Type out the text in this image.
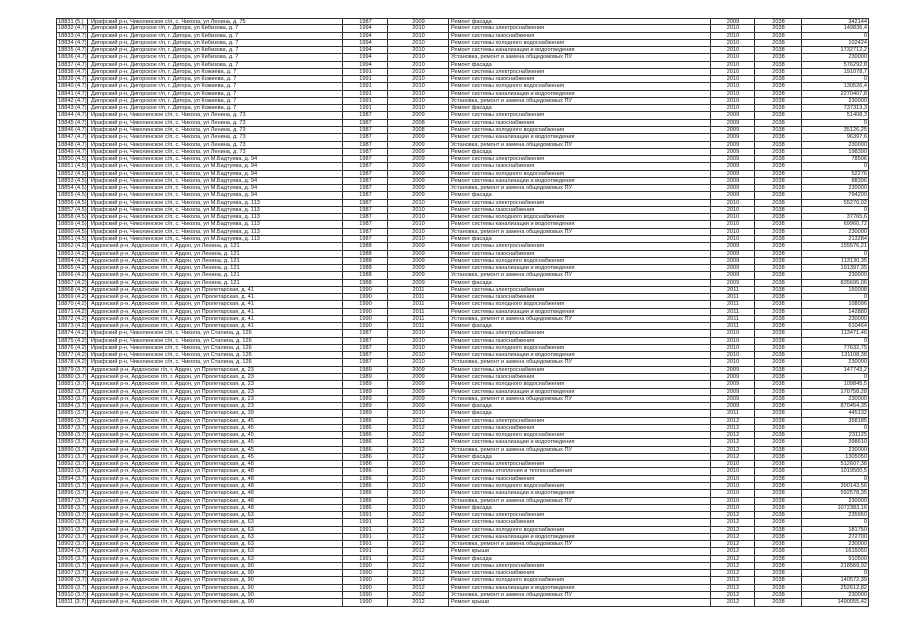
18831 (5.)	Ирафский р-н, Чиколинское с/п, с. Чикола, ул Ленина, д. 75	1987	2009	Ремонт фасада	2009	2038	342144
18832 (4.7) Дигорский р-н, Дигорское г/п, г. Дигора, ул Кибизова, д. 7	1994	2010	Ремонт системы электроснабжения	2010	2038	149836,4
18833 (4.7) Дигорский р-н, Дигорское г/п, г. Дигора, ул Кибизова, д. 7	1994	2010	Ремонт системы газоснабжения	2010	2038	0
18834 (4.7) Дигорский р-н, Дигорское г/п, г. Дигора, ул Кибизова, д. 7	1994	2010	Ремонт системы холодного водоснабжения	2010	2038	102424
18835 (4.7) Дигорский р-н, Дигорское г/п, г. Дигора, ул Кибизова, д. 7	1994	2010	Ремонт системы канализации и водоотведения	2010	2038	1732712,2
18836 (4.7) Дигорский р-н, Дигорское г/п, г. Дигора, ул Кибизова, д. 7	1994	2010	Установка, ремонт и замена общедомовых ПУ	2010	2038	230000
18837 (4.7) Дигорский р-н, Дигорское г/п, г. Дигора, ул Кибизова, д. 7	1994	2010	Ремонт фасада	2010	2038	576292,8
18838 (4.7) Дигорский р-н, Дигорское г/п, г. Дигора, ул Кожиева, д. 7	1991	2010	Ремонт системы электроснабжения	2010	2038	191078,7
18839 (4.7) Дигорский р-н, Дигорское г/п, г. Дигора, ул Кожиева, д. 7	1991	2010	Ремонт системы газоснабжения	2010	2038	0
18840 (4.7) Дигорский р-н, Дигорское г/п, г. Дигора, ул Кожиева, д. 7	1991	2010	Ремонт системы холодного водоснабжения	2010	2038	130526,4
18841 (4.7) Дигорский р-н, Дигорское г/п, г. Дигора, ул Кожиева, д. 7	1991	2010	Ремонт системы канализации и водоотведения	2010	2038	2270407,8
18842 (4.7) Дигорский р-н, Дигорское г/п, г. Дигора, ул Кожиева, д. 7	1991	2010	Установка, ремонт и замена общедомовых ПУ	2010	2038	230000
18843 (4.7) Дигорский р-н, Дигорское г/п, г. Дигора, ул Кожиева, д. 7	1991	2010	Ремонт фасада	2010	2038	737313,3
18844 (4.7) Ирафский р-н, Чиколинское с/п, с. Чикола, ул Ленина, д. 73	1987	2009	Ремонт системы электроснабжения	2009	2038	51408,3
18845 (4.7) Ирафский р-н, Чиколинское с/п, с. Чикола, ул Ленина, д. 73	1987	2008	Ремонт системы газоснабжения	2009	2038	0
18846 (4.7) Ирафский р-н, Чиколинское с/п, с. Чикола, ул Ленина, д. 73	1987	2008	Ремонт системы холодного водоснабжения	2009	2038	35126,25
18847 (4.7) Ирафский р-н, Чиколинское с/п, с. Чикола, ул Ленина, д. 73	1987	2009	Ремонт системы канализации и водоотведения	2009	2038	96397,6
18848 (4.7) Ирафский р-н, Чиколинское с/п, с. Чикола, ул Ленина, д. 73	1987	2009	Установка, ремонт и замена общедомовых ПУ	2009	2038	230000
18849 (4.7) Ирафский р-н, Чиколинское с/п, с. Чикола, ул Ленина, д. 73	1987	2009	Ремонт фасада	2009	2038	198390
18850 (4.5) Ирафский р-н, Чиколинское с/п, с. Чикола, ул М.Бадтуева, д. 94	1987	2009	Ремонт системы электроснабжения	2009	2038	78506
18851 (4.5) Ирафский р-н, Чиколинское с/п, с. Чикола, ул М.Бадтуева, д. 94	1987	2009	Ремонт системы газоснабжения	2009	2038	0
18852 (4.5) Ирафский р-н, Чиколинское с/п, с. Чикола, ул М.Бадтуева, д. 94	1987	2009	Ремонт системы холодного водоснабжения	2009	2038	52276
18853 (4.5) Ирафский р-н, Чиколинское с/п, с. Чикола, ул М.Бадтуева, д. 94	1987	2009	Ремонт системы канализации и водоотведения	2009	2038	88396
18854 (4.5) Ирафский р-н, Чиколинское с/п, с. Чикола, ул М.Бадтуева, д. 94	1987	2009	Установка, ремонт и замена общедомовых ПУ	2009	2038	230000
18855 (4.5) Ирафский р-н, Чиколинское с/п, с. Чикола, ул М.Бадтуева, д. 94	1987	2009	Ремонт фасада	2009	2038	794200
18856 (4.5) Ирафский р-н, Чиколинское с/п, с. Чикола, ул М.Бадтуева, д. 113	1987	2010	Ремонт системы электроснабжения	2010	2038	55270,92
18857 (4.5) Ирафский р-н, Чиколинское с/п, с. Чикола, ул М.Бадтуева, д. 113	1987	2010	Ремонт системы газоснабжения	2010	2038	0
18858 (4.5) Ирафский р-н, Чиколинское с/п, с. Чикола, ул М.Бадтуева, д. 113	1987	2010	Ремонт системы холодного водоснабжения	2010	2038	37765,6
18859 (4.5) Ирафский р-н, Чиколинское с/п, с. Чикола, ул М.Бадтуева, д. 113	1987	2010	Ремонт системы канализации и водоотведения	2010	2038	69960,72
18860 (4.5) Ирафский р-н, Чиколинское с/п, с. Чикола, ул М.Бадтуева, д. 113	1987	2010	Установка, ремонт и замена общедомовых ПУ	2010	2038	230000
18861 (4.5) Ирафский р-н, Чиколинское с/п, с. Чикола, ул М.Бадтуева, д. 113	1987	2010	Ремонт фасада	2010	2038	213284
18862 (4.2) Ардонский р-н, Ардонское г/п, г. Ардон, ул Ленина, д. 121	1988	2009	Ремонт системы электроснабжения	2009	2038	155576,21
18863 (4.2) Ардонский р-н, Ардонское г/п, г. Ардон, ул Ленина, д. 121	1988	2009	Ремонт системы газоснабжения	2009	2038	0
18864 (4.2) Ардонский р-н, Ардонское г/п, г. Ардон, ул Ленина, д. 121	1988	2009	Ремонт системы холодного водоснабжения	2009	2038	113130,35
18865 (4.2) Ардонский р-н, Ардонское г/п, г. Ардон, ул Ленина, д. 121	1988	2009	Ремонт системы канализации и водоотведения	2009	2038	191397,35
18866 (4.2) Ардонский р-н, Ардонское г/п, г. Ардон, ул Ленина, д. 121	1988	2009	Установка, ремонт и замена общедомовых ПУ	2009	2038	230000
18867 (4.2) Ардонский р-н, Ардонское г/п, г. Ардон, ул Ленина, д. 121	1988	2009	Ремонт фасада	2009	2038	835695,06
18868 (4.2) Ардонский р-н, Ардонское г/п, г. Ардон, ул Пролетарская, д. 41	1990	2011	Ремонт системы электроснабжения	2011	2038	150008
18869 (4.2) Ардонский р-н, Ардонское г/п, г. Ардон, ул Пролетарская, д. 41	1990	2011	Ремонт системы газоснабжения	2011	2038	0
18870 (4.2) Ардонский р-н, Ардонское г/п, г. Ардон, ул Пролетарская, д. 41	1990	2011	Ремонт системы холодного водоснабжения	2011	2038	108096
18871 (4.2) Ардонский р-н, Ардонское г/п, г. Ардон, ул Пролетарская, д. 41	1990	2011	Ремонт системы канализации и водоотведения	2011	2038	142880
18872 (4.2) Ардонский р-н, Ардонское г/п, г. Ардон, ул Пролетарская, д. 41	1990	2011	Установка, ремонт и замена общедомовых ПУ	2011	2038	230000
18873 (4.2) Ардонский р-н, Ардонское г/п, г. Ардон, ул Пролетарская, д. 41	1990	2011	Ремонт фасада	2011	2038	610464
18874 (4.2) Ирафский р-н, Чиколинское с/п, с. Чикола, ул Сталина, д. 126	1987	2010	Ремонт системы электроснабжения	2010	2038	113471,46
18875 (4.2) Ирафский р-н, Чиколинское с/п, с. Чикола, ул Сталина, д. 126	1987	2010	Ремонт системы газоснабжения	2010	2038	0
18876 (4.2) Ирафский р-н, Чиколинское с/п, с. Чикола, ул Сталина, д. 126	1987	2010	Ремонт системы холодного водоснабжения	2010	2038	77632,75
18877 (4.2) Ирафский р-н, Чиколинское с/п, с. Чикола, ул Сталина, д. 126	1987	2010	Ремонт системы канализации и водоотведения	2010	2038	131108,38
18878 (4.2) Ирафский р-н, Чиколинское с/п, с. Чикола, ул Сталина, д. 126	1987	2010	Установка, ремонт и замена общедомовых ПУ	2010	2038	230000
18879 (3.7) Ардонский р-н, Ардонское г/п, г. Ардон, ул Пролетарская, д. 23	1989	2009	Ремонт системы электроснабжения	2009	2038	147743,2
18880 (3.7) Ардонский р-н, Ардонское г/п, г. Ардон, ул Пролетарская, д. 23	1989	2009	Ремонт системы газоснабжения	2009	2038	0
18881 (3.7) Ардонский р-н, Ардонское г/п, г. Ардон, ул Пролетарская, д. 23	1989	2009	Ремонт системы холодного водоснабжения	2009	2038	109845,5
18882 (3.7) Ардонский р-н, Ардонское г/п, г. Ардон, ул Пролетарская, д. 23	1989	2009	Ремонт системы канализации и водоотведения	2009	2038	170758,28
18883 (3.7) Ардонский р-н, Ардонское г/п, г. Ардон, ул Пролетарская, д. 23	1989	2009	Установка, ремонт и замена общедомовых ПУ	2009	2038	230000
18884 (3.7) Ардонский р-н, Ардонское г/п, г. Ардон, ул Пролетарская, д. 23	1989	2009	Ремонт фасада	2009	2038	870454,35
18885 (3.7) Ардонский р-н, Ардонское г/п, г. Ардон, ул Пролетарская, д. 39	1989	2010	Ремонт фасада	2011	2038	445132
18886 (3.7) Ардонский р-н, Ардонское г/п, г. Ардон, ул Пролетарская, д. 45	1986	2012	Ремонт системы электроснабжения	2012	2038	358185
18887 (3.7) Ардонский р-н, Ардонское г/п, г. Ардон, ул Пролетарская, д. 45	1986	2012	Ремонт системы газоснабжения	2012	2038	0
18888 (3.7) Ардонский р-н, Ардонское г/п, г. Ардон, ул Пролетарская, д. 45	1986	2012	Ремонт системы холодного водоснабжения	2012	2038	231125
18889 (3.7) Ардонский р-н, Ардонское г/п, г. Ардон, ул Пролетарская, д. 45	1986	2012	Ремонт системы канализации и водоотведения	2012	2038	398610
18890 (3.7) Ардонский р-н, Ардонское г/п, г. Ардон, ул Пролетарская, д. 45	1986	2012	Установка, ремонт и замена общедомовых ПУ	2012	2038	230000
18891 (3.7) Ардонский р-н, Ардонское г/п, г. Ардон, ул Пролетарская, д. 45	1986	2012	Ремонт фасада	2012	2038	1305050
18892 (3.7) Ардонский р-н, Ардонское г/п, г. Ардон, ул Пролетарская, д. 48	1986	2010	Ремонт системы электроснабжения	2010	2038	512607,38
18893 (3.7) Ардонский р-н, Ардонское г/п, г. Ардон, ул Пролетарская, д. 48	1986	2010	Ремонт системы отопления и теплоснабжения	2010	2038	1019500,5
18894 (3.7) Ардонский р-н, Ардонское г/п, г. Ардон, ул Пролетарская, д. 48	1986	2010	Ремонт системы газоснабжения	2010	2038	0
18895 (3.7) Ардонский р-н, Ардонское г/п, г. Ардон, ул Пролетарская, д. 48	1986	2010	Ремонт системы холодного водоснабжения	2010	2038	390143,56
18896 (3.7) Ардонский р-н, Ардонское г/п, г. Ардон, ул Пролетарская, д. 48	1986	2010	Ремонт системы канализации и водоотведения	2010	2038	592578,35
18897 (3.7) Ардонский р-н, Ардонское г/п, г. Ардон, ул Пролетарская, д. 48	1986	2010	Установка, ремонт и замена общедомовых ПУ	2010	2038	230000
18898 (3.7) Ардонский р-н, Ардонское г/п, г. Ардон, ул Пролетарская, д. 48	1986	2010	Ремонт фасада	2010	2038	1072383,16
18899 (3.7) Ардонский р-н, Ардонское г/п, г. Ардон, ул Пролетарская, д. 63	1991	2012	Ремонт системы электроснабжения	2012	2038	235950
18900 (3.7) Ардонский р-н, Ардонское г/п, г. Ардон, ул Пролетарская, д. 63	1991	2012	Ремонт системы газоснабжения	2012	2038	0
18901 (3.7) Ардонский р-н, Ардонское г/п, г. Ардон, ул Пролетарская, д. 63	1991	2012	Ремонт системы холодного водоснабжения	2012	2038	181750
18902 (3.7) Ардонский р-н, Ардонское г/п, г. Ардон, ул Пролетарская, д. 63	1991	2012	Ремонт системы канализации и водоотведения	2012	2038	272700
18903 (3.7) Ардонский р-н, Ардонское г/п, г. Ардон, ул Пролетарская, д. 63	1991	2012	Установка, ремонт и замена общедомовых ПУ	2012	2038	230000
18904 (3.7) Ардонский р-н, Ардонское г/п, г. Ардон, ул Пролетарская, д. 63	1991	2012	Ремонт крыши	2012	2038	1615050
18905 (3.7) Ардонский р-н, Ардонское г/п, г. Ардон, ул Пролетарская, д. 63	1991	2012	Ремонт фасада	2012	2038	910500
18906 (3.7) Ардонский р-н, Ардонское г/п, г. Ардон, ул Пролетарская, д. 90	1990	2012	Ремонт системы электроснабжения	2012	2038	218569,92
18907 (3.7) Ардонский р-н, Ардонское г/п, г. Ардон, ул Пролетарская, д. 90	1990	2012	Ремонт системы газоснабжения	2012	2038	0
18908 (3.7) Ардонский р-н, Ардонское г/п, г. Ардон, ул Пролетарская, д. 90	1990	2012	Ремонт системы холодного водоснабжения	2012	2038	140572,39
18909 (3.7) Ардонский р-н, Ардонское г/п, г. Ардон, ул Пролетарская, д. 90	1990	2012	Ремонт системы канализации и водоотведения	2012	2038	252612,82
18910 (3.7) Ардонский р-н, Ардонское г/п, г. Ардон, ул Пролетарская, д. 90	1990	2012	Установка, ремонт и замена общедомовых ПУ	2012	2038	230000
18911 (3.7) Ардонский р-н, Ардонское г/п, г. Ардон, ул Пролетарская, д. 90	1990	2012	Ремонт крыши	2012	2038	1490055,42
